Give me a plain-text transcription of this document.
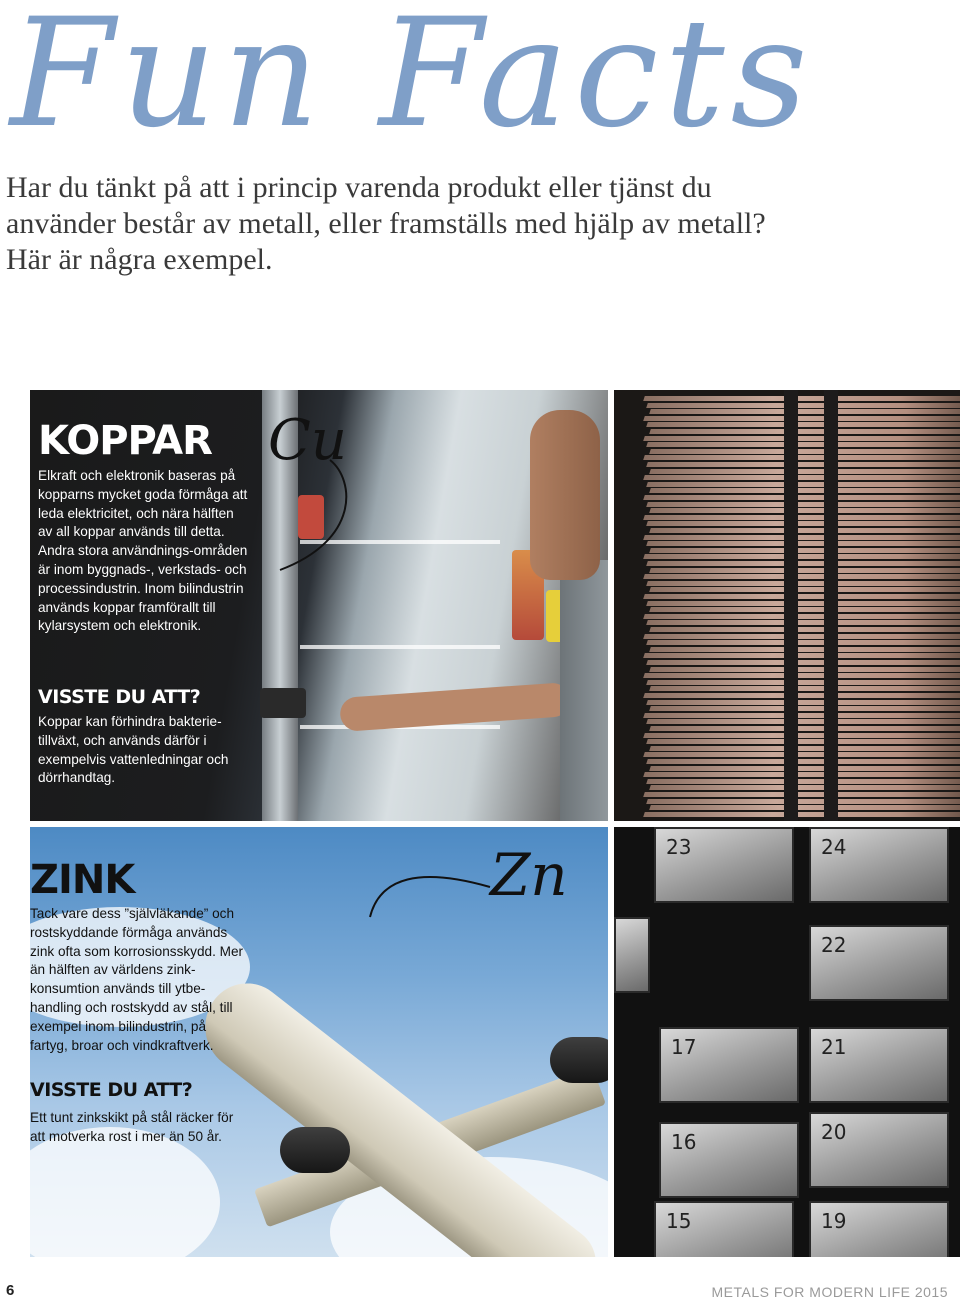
Fun Facts

Har du tänkt på att i princip varenda produkt eller tjänst du använder består av metall, eller framställs med hjälp av metall? Här är några exempel.

Cu
KOPPAR

Elkraft och elektronik baseras på kopparns mycket goda förmåga att leda elektricitet, och nära hälften av all koppar används till detta. Andra stora användnings-områden är inom byggnads-, verkstads- och processindustrin. Inom bilindustrin används koppar framförallt till kylarsystem och elektronik.

VISSTE DU ATT?

Koppar kan förhindra bakterie-tillväxt, och används därför i exempelvis vattenledningar och dörrhandtag.

Zn
ZINK

Tack vare dess ”självläkande” och rostskyddande förmåga används zink ofta som korrosionsskydd. Mer än hälften av världens zink-konsumtion används till ytbe-handling och rostskydd av stål, till exempel inom bilindustrin, på fartyg, broar och vindkraftverk.

VISSTE DU ATT?

Ett tunt zinkskikt på stål räcker för att motverka rost i mer än 50 år.

23	24
22
17	21
16	20
15	19
6	METALS FOR MODERN LIFE 2015
